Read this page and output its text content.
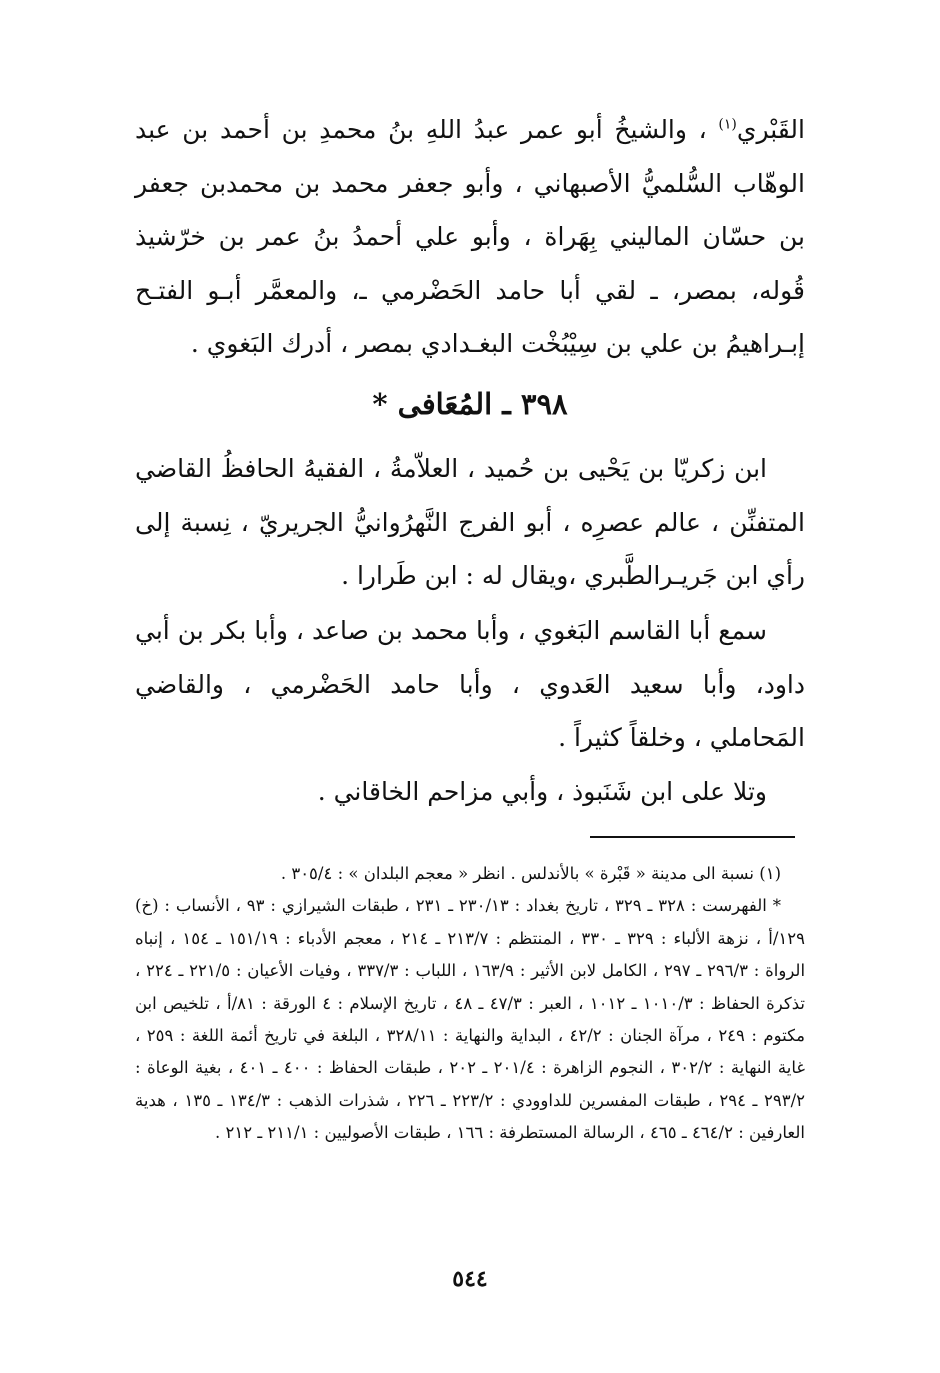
القَبْري$^{(١)}$ ، والشيخُ أبو عمر عبدُ اللهِ بنُ محمدِ بن أحمد بن عبد الوهّاب السُّلميُّ الأصبهاني ، وأبو جعفر محمد بن محمدبن جعفر بن حسّان الماليني بِهَراة ، وأبو علي أحمدُ بنُ عمر بن خرّشيذ قُوله، بمصر، ـ لقي أبا حامد الحَضْرمي ـ، والمعمَّر أبـو الفتـح إبـراهيمُ بن علي بن سِيْبُخْت البغـدادي بمصر ، أدرك البَغوي .

٣٩٨ ـ المُعَافى *

ابن زكريّا بن يَحْيى بن حُميد ، العلاّمةُ ، الفقيهُ الحافظُ القاضي المتفنِّن ، عالم عصرِه ، أبو الفرج النَّهرُوانيُّ الجريريّ ، نِسبة إلى رأي ابن جَريـرالطَّبري ،ويقال له : ابن طَرارا .

سمع أبا القاسم البَغوي ، وأبا محمد بن صاعد ، وأبا بكر بن أبي داود، وأبا سعيد العَدوي ، وأبا حامد الحَضْرمي ، والقاضي المَحاملي ، وخلقاً كثيراً .

وتلا على ابن شَنَبوذ ، وأبي مزاحم الخاقاني .

(١) نسبة الى مدينة « قَبْرة » بالأندلس . انظر « معجم البلدان » : ٣٠٥/٤ .
* الفهرست : ٣٢٨ ـ ٣٢٩ ، تاريخ بغداد : ٢٣٠/١٣ ـ ٢٣١ ، طبقات الشيرازي : ٩٣ ، الأنساب : (خ) ١٢٩/أ ، نزهة الألباء : ٣٢٩ ـ ٣٣٠ ، المنتظم : ٢١٣/٧ ـ ٢١٤ ، معجم الأدباء : ١٥١/١٩ ـ ١٥٤ ، إنباه الرواة : ٢٩٦/٣ ـ ٢٩٧ ، الكامل لابن الأثير : ١٦٣/٩ ، اللباب : ٣٣٧/٣ ، وفيات الأعيان : ٢٢١/٥ ـ ٢٢٤ ، تذكرة الحفاظ : ١٠١٠/٣ ـ ١٠١٢ ، العبر : ٤٧/٣ ـ ٤٨ ، تاريخ الإسلام : ٤ الورقة : ٨١/أ ، تلخيص ابن مكتوم : ٢٤٩ ، مرآة الجنان : ٤٢/٢ ، البداية والنهاية : ٣٢٨/١١ ، البلغة في تاريخ أئمة اللغة : ٢٥٩ ، غاية النهاية : ٣٠٢/٢ ، النجوم الزاهرة : ٢٠١/٤ ـ ٢٠٢ ، طبقات الحفاظ : ٤٠٠ ـ ٤٠١ ، بغية الوعاة : ٢٩٣/٢ ـ ٢٩٤ ، طبقات المفسرين للداوودي : ٢٢٣/٢ ـ ٢٢٦ ، شذرات الذهب : ١٣٤/٣ ـ ١٣٥ ، هدية العارفين : ٤٦٤/٢ ـ ٤٦٥ ، الرسالة المستطرفة : ١٦٦ ، طبقات الأصوليين : ٢١١/١ ـ ٢١٢ .
٥٤٤
